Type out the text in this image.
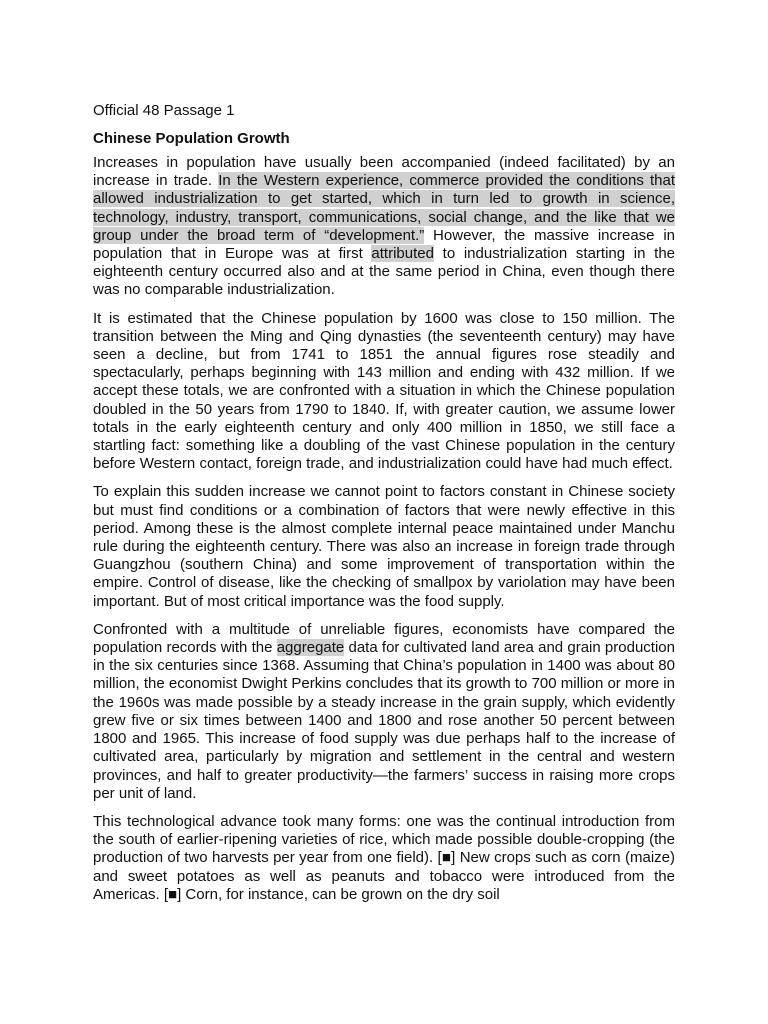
Official 48 Passage 1

Chinese Population Growth

Increases in population have usually been accompanied (indeed facilitated) by an increase in trade. In the Western experience, commerce provided the conditions that allowed industrialization to get started, which in turn led to growth in science, technology, industry, transport, communications, social change, and the like that we group under the broad term of “development.” However, the massive increase in population that in Europe was at first attributed to industrialization starting in the eighteenth century occurred also and at the same period in China, even though there was no comparable industrialization.

It is estimated that the Chinese population by 1600 was close to 150 million. The transition between the Ming and Qing dynasties (the seventeenth century) may have seen a decline, but from 1741 to 1851 the annual figures rose steadily and spectacularly, perhaps beginning with 143 million and ending with 432 million. If we accept these totals, we are confronted with a situation in which the Chinese population doubled in the 50 years from 1790 to 1840. If, with greater caution, we assume lower totals in the early eighteenth century and only 400 million in 1850, we still face a startling fact: something like a doubling of the vast Chinese population in the century before Western contact, foreign trade, and industrialization could have had much effect.

To explain this sudden increase we cannot point to factors constant in Chinese society but must find conditions or a combination of factors that were newly effective in this period. Among these is the almost complete internal peace maintained under Manchu rule during the eighteenth century. There was also an increase in foreign trade through Guangzhou (southern China) and some improvement of transportation within the empire. Control of disease, like the checking of smallpox by variolation may have been important. But of most critical importance was the food supply.

Confronted with a multitude of unreliable figures, economists have compared the population records with the aggregate data for cultivated land area and grain production in the six centuries since 1368. Assuming that China’s population in 1400 was about 80 million, the economist Dwight Perkins concludes that its growth to 700 million or more in the 1960s was made possible by a steady increase in the grain supply, which evidently grew five or six times between 1400 and 1800 and rose another 50 percent between 1800 and 1965. This increase of food supply was due perhaps half to the increase of cultivated area, particularly by migration and settlement in the central and western provinces, and half to greater productivity—the farmers’ success in raising more crops per unit of land.

This technological advance took many forms: one was the continual introduction from the south of earlier-ripening varieties of rice, which made possible double-cropping (the production of two harvests per year from one field). [■] New crops such as corn (maize) and sweet potatoes as well as peanuts and tobacco were introduced from the Americas. [■] Corn, for instance, can be grown on the dry soil
